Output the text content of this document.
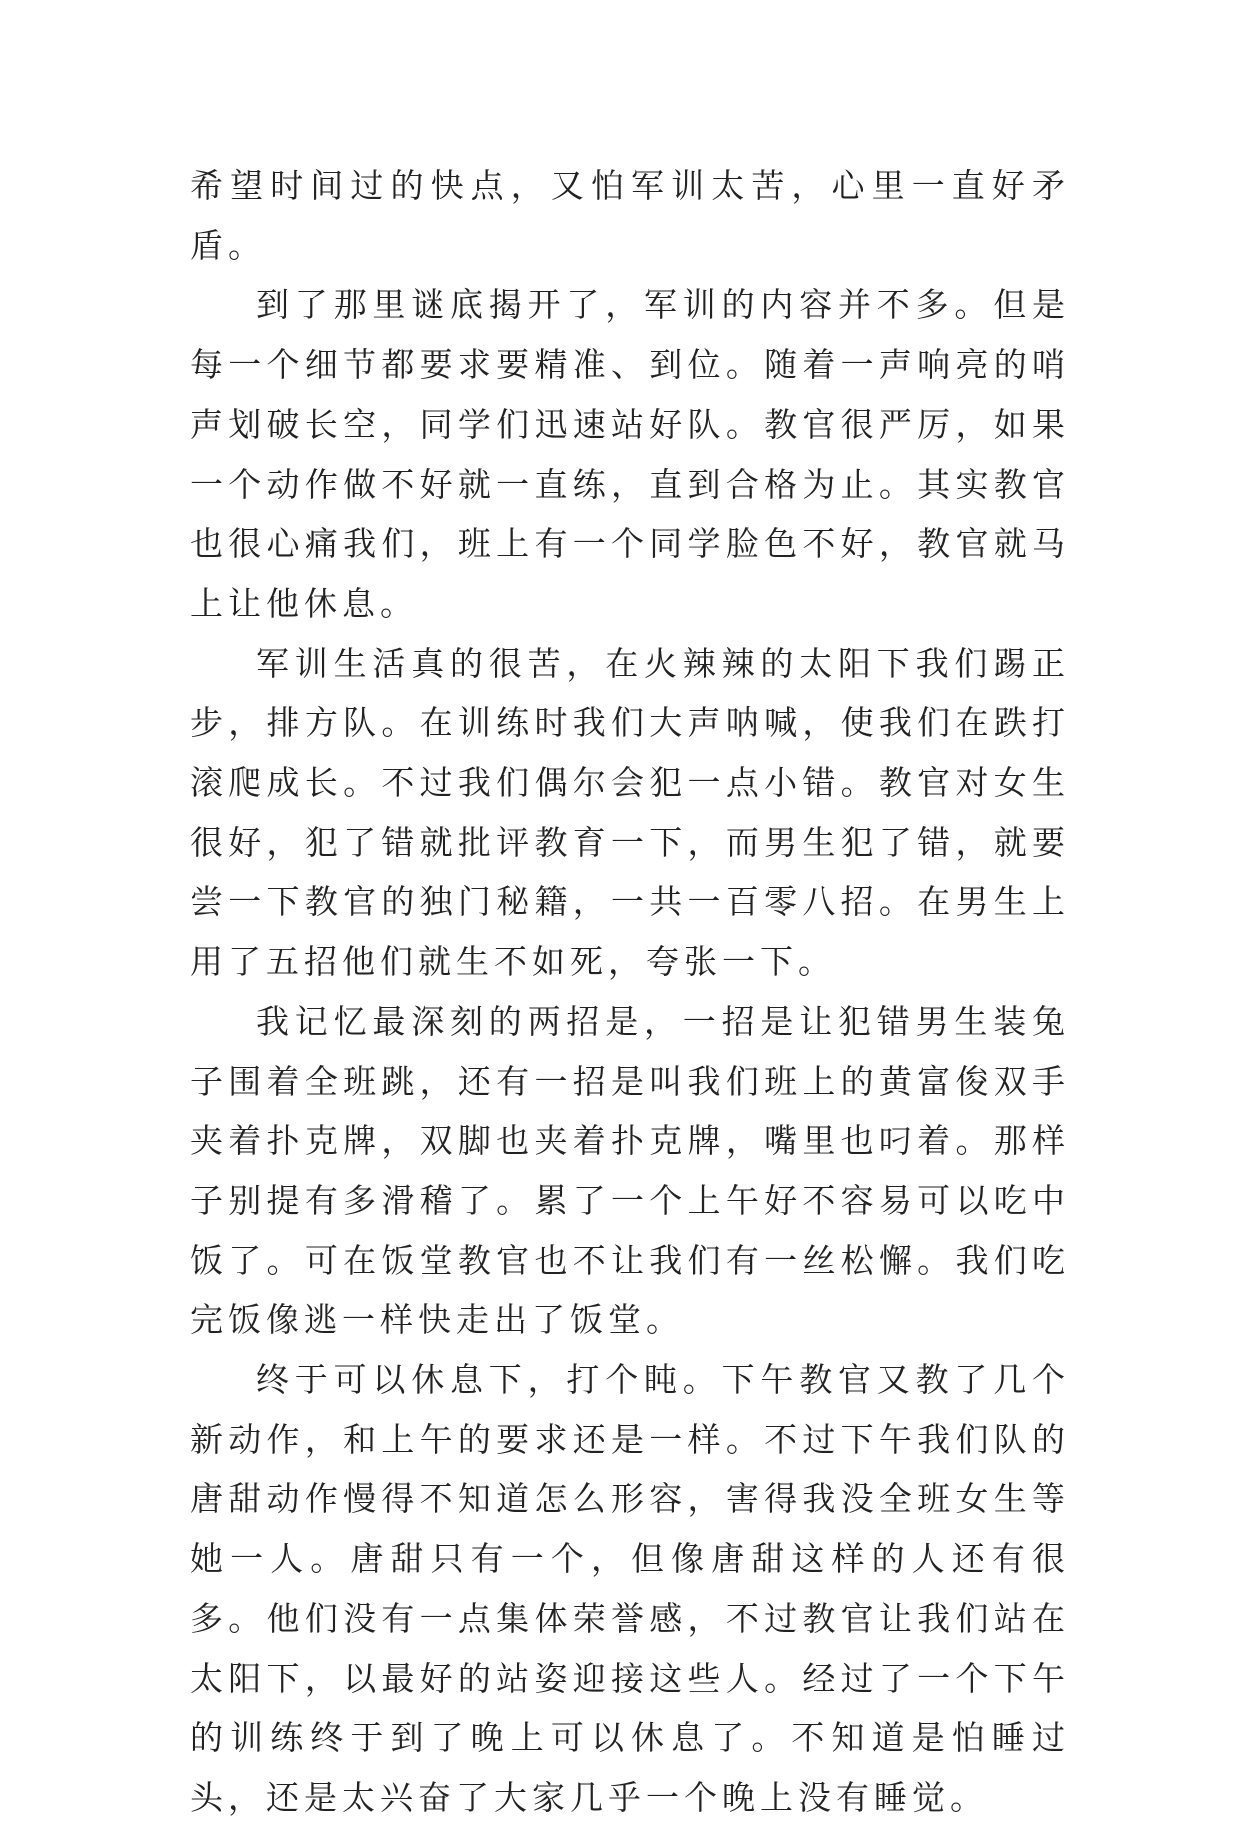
希望时间过的快点，又怕军训太苦，心里一直好矛盾。

到了那里谜底揭开了，军训的内容并不多。但是每一个细节都要求要精准、到位。随着一声响亮的哨声划破长空，同学们迅速站好队。教官很严厉，如果一个动作做不好就一直练，直到合格为止。其实教官也很心痛我们，班上有一个同学脸色不好，教官就马上让他休息。

军训生活真的很苦，在火辣辣的太阳下我们踢正步，排方队。在训练时我们大声呐喊，使我们在跌打滚爬成长。不过我们偶尔会犯一点小错。教官对女生很好，犯了错就批评教育一下，而男生犯了错，就要尝一下教官的独门秘籍，一共一百零八招。在男生上用了五招他们就生不如死，夸张一下。

我记忆最深刻的两招是，一招是让犯错男生装兔子围着全班跳，还有一招是叫我们班上的黄富俊双手夹着扑克牌，双脚也夹着扑克牌，嘴里也叼着。那样子别提有多滑稽了。累了一个上午好不容易可以吃中饭了。可在饭堂教官也不让我们有一丝松懈。我们吃完饭像逃一样快走出了饭堂。

终于可以休息下，打个盹。下午教官又教了几个新动作，和上午的要求还是一样。不过下午我们队的唐甜动作慢得不知道怎么形容，害得我没全班女生等她一人。唐甜只有一个，但像唐甜这样的人还有很多。他们没有一点集体荣誉感，不过教官让我们站在太阳下，以最好的站姿迎接这些人。经过了一个下午的训练终于到了晚上可以休息了。不知道是怕睡过头，还是太兴奋了大家几乎一个晚上没有睡觉。
